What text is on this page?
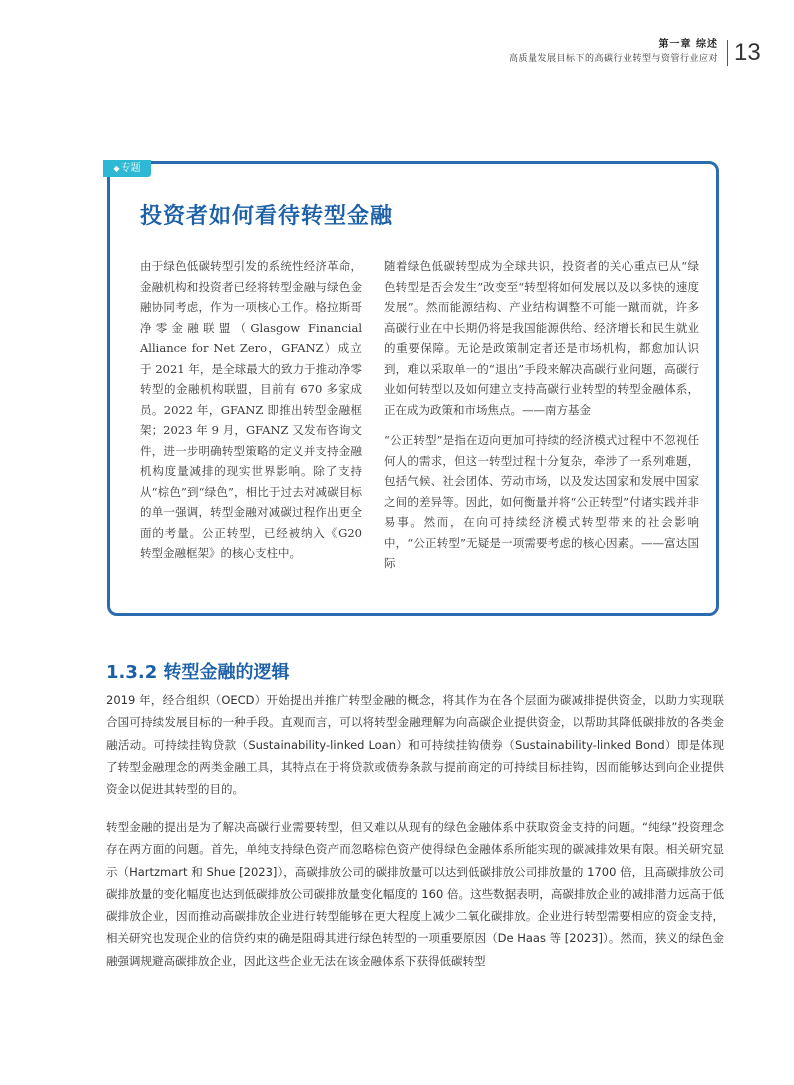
第一章 综述
高质量发展目标下的高碳行业转型与资管行业应对 13
◆专题
投资者如何看待转型金融

由于绿色低碳转型引发的系统性经济革命，金融机构和投资者已经将转型金融与绿色金融协同考虑，作为一项核心工作。格拉斯哥净零金融联盟（Glasgow Financial Alliance for Net Zero，GFANZ）成立于 2021 年，是全球最大的致力于推动净零转型的金融机构联盟，目前有 670 多家成员。2022 年，GFANZ 即推出转型金融框架；2023 年 9 月，GFANZ 又发布咨询文件，进一步明确转型策略的定义并支持金融机构度量减排的现实世界影响。除了支持从“棕色”到“绿色”，相比于过去对减碳目标的单一强调，转型金融对减碳过程作出更全面的考量。公正转型，已经被纳入《G20 转型金融框架》的核心支柱中。

随着绿色低碳转型成为全球共识，投资者的关心重点已从“绿色转型是否会发生”改变至“转型将如何发展以及以多快的速度发展”。然而能源结构、产业结构调整不可能一蹴而就，许多高碳行业在中长期仍将是我国能源供给、经济增长和民生就业的重要保障。无论是政策制定者还是市场机构，都愈加认识到，难以采取单一的“退出”手段来解决高碳行业问题，高碳行业如何转型以及如何建立支持高碳行业转型的转型金融体系，正在成为政策和市场焦点。——南方基金

“公正转型”是指在迈向更加可持续的经济模式过程中不忽视任何人的需求，但这一转型过程十分复杂，牵涉了一系列难题，包括气候、社会团体、劳动市场，以及发达国家和发展中国家之间的差异等。因此，如何衡量并将“公正转型”付诸实践并非易事。然而，在向可持续经济模式转型带来的社会影响中，“公正转型”无疑是一项需要考虑的核心因素。——富达国际

1.3.2 转型金融的逻辑

2019 年，经合组织（OECD）开始提出并推广转型金融的概念，将其作为在各个层面为碳减排提供资金，以助力实现联合国可持续发展目标的一种手段。直观而言，可以将转型金融理解为向高碳企业提供资金，以帮助其降低碳排放的各类金融活动。可持续挂钩贷款（Sustainability-linked Loan）和可持续挂钩债券（Sustainability-linked Bond）即是体现了转型金融理念的两类金融工具，其特点在于将贷款或债券条款与提前商定的可持续目标挂钩，因而能够达到向企业提供资金以促进其转型的目的。

转型金融的提出是为了解决高碳行业需要转型，但又难以从现有的绿色金融体系中获取资金支持的问题。“纯绿”投资理念存在两方面的问题。首先，单纯支持绿色资产而忽略棕色资产使得绿色金融体系所能实现的碳减排效果有限。相关研究显示（Hartzmart 和 Shue [2023]），高碳排放公司的碳排放量可以达到低碳排放公司排放量的 1700 倍，且高碳排放公司碳排放量的变化幅度也达到低碳排放公司碳排放量变化幅度的 160 倍。这些数据表明，高碳排放企业的减排潜力远高于低碳排放企业，因而推动高碳排放企业进行转型能够在更大程度上减少二氧化碳排放。企业进行转型需要相应的资金支持，相关研究也发现企业的信贷约束的确是阻碍其进行绿色转型的一项重要原因（De Haas 等 [2023]）。然而，狭义的绿色金融强调规避高碳排放企业，因此这些企业无法在该金融体系下获得低碳转型
